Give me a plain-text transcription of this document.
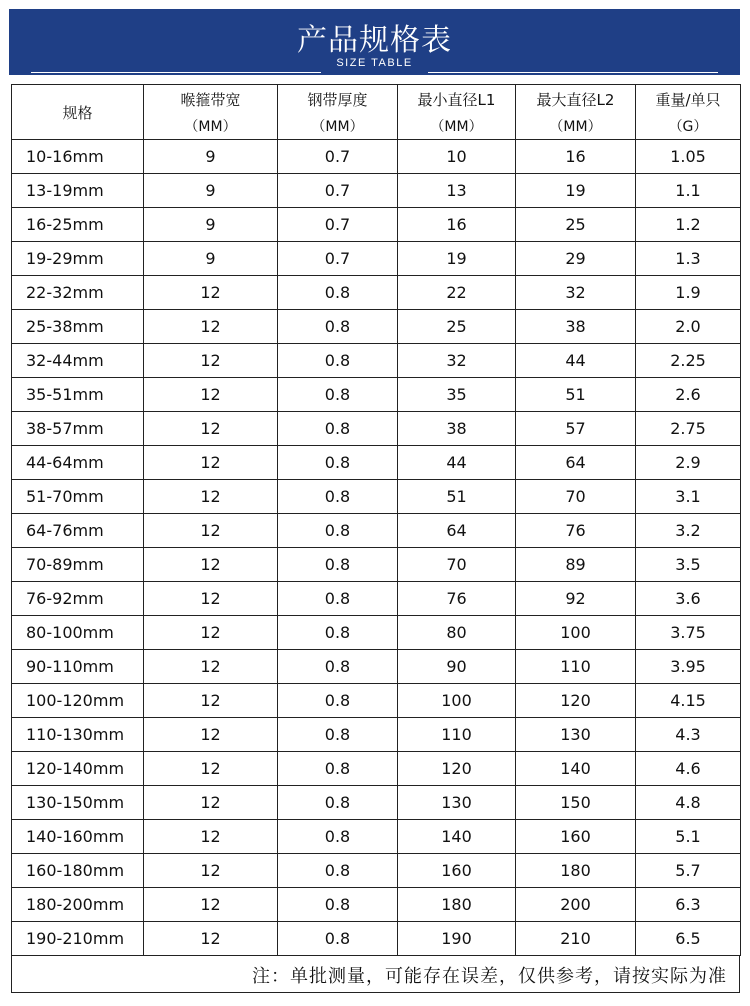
产品规格表
SIZE TABLE
规格	喉箍带宽	钢带厚度	最小直径L1	最大直径L2	重量/单只
	（MM）	（MM）	（MM）	（MM）	（G）
10-16mm	9	0.7	10	16	1.05
13-19mm	9	0.7	13	19	1.1
16-25mm	9	0.7	16	25	1.2
19-29mm	9	0.7	19	29	1.3
22-32mm	12	0.8	22	32	1.9
25-38mm	12	0.8	25	38	2.0
32-44mm	12	0.8	32	44	2.25
35-51mm	12	0.8	35	51	2.6
38-57mm	12	0.8	38	57	2.75
44-64mm	12	0.8	44	64	2.9
51-70mm	12	0.8	51	70	3.1
64-76mm	12	0.8	64	76	3.2
70-89mm	12	0.8	70	89	3.5
76-92mm	12	0.8	76	92	3.6
80-100mm	12	0.8	80	100	3.75
90-110mm	12	0.8	90	110	3.95
100-120mm	12	0.8	100	120	4.15
110-130mm	12	0.8	110	130	4.3
120-140mm	12	0.8	120	140	4.6
130-150mm	12	0.8	130	150	4.8
140-160mm	12	0.8	140	160	5.1
160-180mm	12	0.8	160	180	5.7
180-200mm	12	0.8	180	200	6.3
190-210mm	12	0.8	190	210	6.5
注：单批测量，可能存在误差，仅供参考，请按实际为准
